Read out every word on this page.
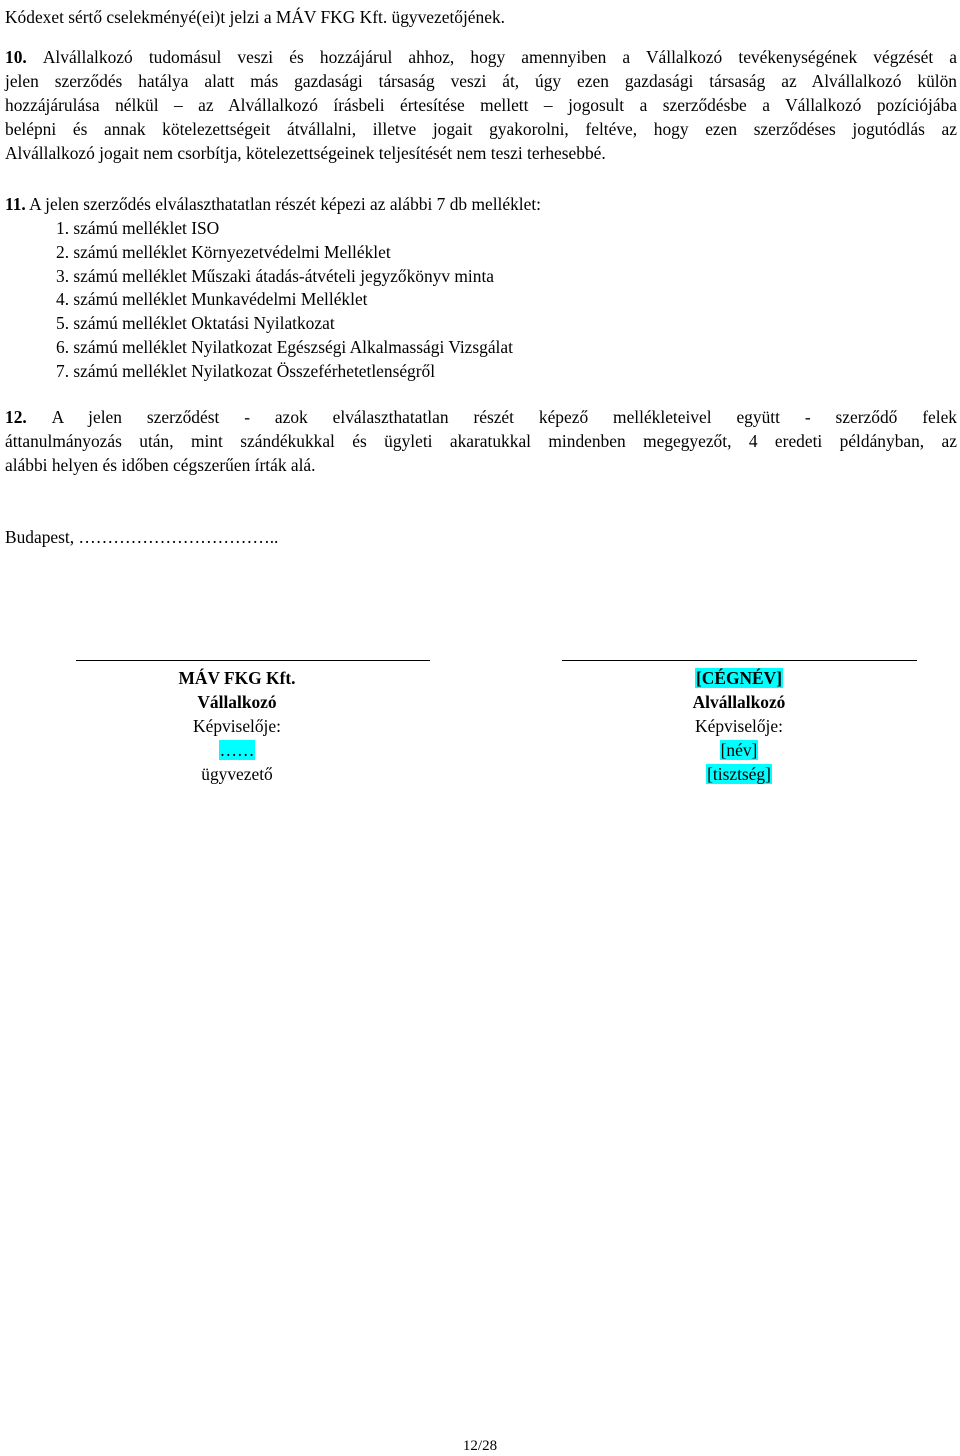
Kódexet sértő cselekményé(ei)t jelzi a MÁV FKG Kft. ügyvezetőjének.
10. Alvállalkozó tudomásul veszi és hozzájárul ahhoz, hogy amennyiben a Vállalkozó tevékenységének végzését a
jelen szerződés hatálya alatt más gazdasági társaság veszi át, úgy ezen gazdasági társaság az Alvállalkozó külön
hozzájárulása nélkül – az Alvállalkozó írásbeli értesítése mellett – jogosult a szerződésbe a Vállalkozó pozíciójába
belépni és annak kötelezettségeit átvállalni, illetve jogait gyakorolni, feltéve, hogy ezen szerződéses jogutódlás az
Alvállalkozó jogait nem csorbítja, kötelezettségeinek teljesítését nem teszi terhesebbé.
11. A jelen szerződés elválaszthatatlan részét képezi az alábbi 7 db melléklet:
1. számú melléklet ISO
2. számú melléklet Környezetvédelmi Melléklet
3. számú melléklet Műszaki átadás-átvételi jegyzőkönyv minta
4. számú melléklet Munkavédelmi Melléklet
5. számú melléklet Oktatási Nyilatkozat
6. számú melléklet Nyilatkozat Egészségi Alkalmassági Vizsgálat
7. számú melléklet Nyilatkozat Összeférhetetlenségről
12. A jelen szerződést - azok elválaszthatatlan részét képező mellékleteivel együtt - szerződő felek
áttanulmányozás után, mint szándékukkal és ügyleti akaratukkal mindenben megegyezőt, 4 eredeti példányban, az
alábbi helyen és időben cégszerűen írták alá.
Budapest, ……………………………..
MÁV FKG Kft.
Vállalkozó
Képviselője:
……
ügyvezető
[CÉGNÉV]
Alvállalkozó
Képviselője:
[név]
[tisztség]
12/28
